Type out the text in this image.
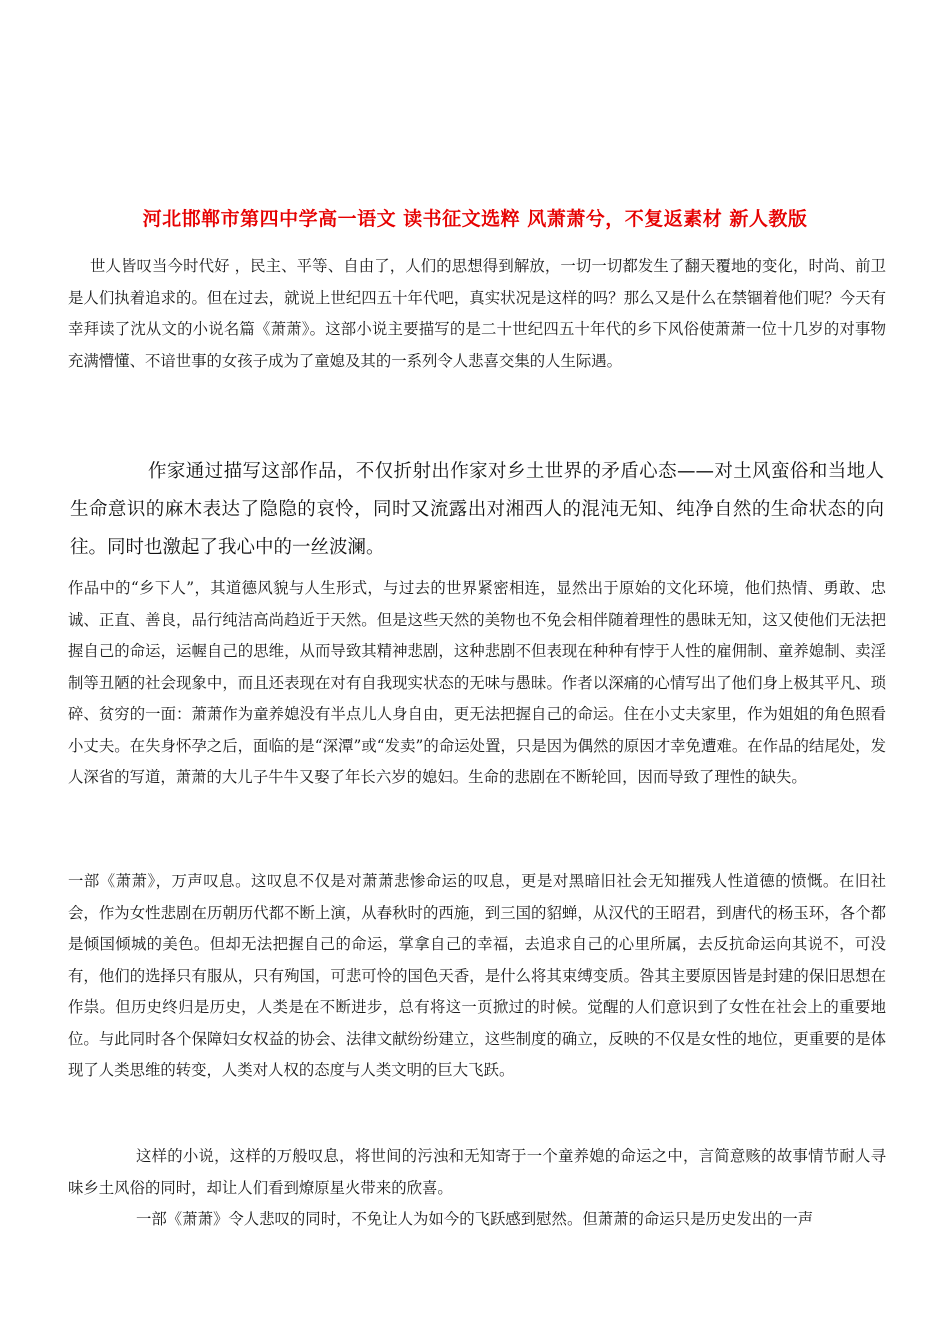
河北邯郸市第四中学高一语文 读书征文选粹 风萧萧兮，不复返素材 新人教版

世人皆叹当今时代好 ，民主、平等、自由了，人们的思想得到解放，一切一切都发生了翻天覆地的变化，时尚、前卫是人们执着追求的。但在过去，就说上世纪四五十年代吧，真实状况是这样的吗？那么又是什么在禁锢着他们呢？今天有幸拜读了沈从文的小说名篇《萧萧》。这部小说主要描写的是二十世纪四五十年代的乡下风俗使萧萧一位十几岁的对事物充满懵懂、不谙世事的女孩子成为了童媳及其的一系列令人悲喜交集的人生际遇。

作家通过描写这部作品，不仅折射出作家对乡土世界的矛盾心态——对土风蛮俗和当地人生命意识的麻木表达了隐隐的哀怜，同时又流露出对湘西人的混沌无知、纯净自然的生命状态的向往。同时也激起了我心中的一丝波澜。

作品中的“乡下人”，其道德风貌与人生形式，与过去的世界紧密相连，显然出于原始的文化环境，他们热情、勇敢、忠诚、正直、善良，品行纯洁高尚趋近于天然。但是这些天然的美物也不免会相伴随着理性的愚昧无知，这又使他们无法把握自己的命运，运幄自己的思维，从而导致其精神悲剧，这种悲剧不但表现在种种有悖于人性的雇佣制、童养媳制、卖淫制等丑陋的社会现象中，而且还表现在对有自我现实状态的无味与愚昧。作者以深痛的心情写出了他们身上极其平凡、琐碎、贫穷的一面：萧萧作为童养媳没有半点儿人身自由，更无法把握自己的命运。住在小丈夫家里，作为姐姐的角色照看小丈夫。在失身怀孕之后，面临的是“深潭”或“发卖”的命运处置，只是因为偶然的原因才幸免遭难。在作品的结尾处，发人深省的写道，萧萧的大儿子牛牛又娶了年长六岁的媳妇。生命的悲剧在不断轮回，因而导致了理性的缺失。

一部《萧萧》，万声叹息。这叹息不仅是对萧萧悲惨命运的叹息，更是对黑暗旧社会无知摧残人性道德的愤慨。在旧社会，作为女性悲剧在历朝历代都不断上演，从春秋时的西施，到三国的貂蝉，从汉代的王昭君，到唐代的杨玉环，各个都是倾国倾城的美色。但却无法把握自己的命运，掌拿自己的幸福，去追求自己的心里所属，去反抗命运向其说不，可没有，他们的选择只有服从，只有殉国，可悲可怜的国色天香，是什么将其束缚变质。咎其主要原因皆是封建的保旧思想在作祟。但历史终归是历史，人类是在不断进步，总有将这一页掀过的时候。觉醒的人们意识到了女性在社会上的重要地位。与此同时各个保障妇女权益的协会、法律文献纷纷建立，这些制度的确立，反映的不仅是女性的地位，更重要的是体现了人类思维的转变，人类对人权的态度与人类文明的巨大飞跃。

这样的小说，这样的万般叹息，将世间的污浊和无知寄于一个童养媳的命运之中，言简意赅的故事情节耐人寻味乡土风俗的同时，却让人们看到燎原星火带来的欣喜。

一部《萧萧》令人悲叹的同时，不免让人为如今的飞跃感到慰然。但萧萧的命运只是历史发出的一声
